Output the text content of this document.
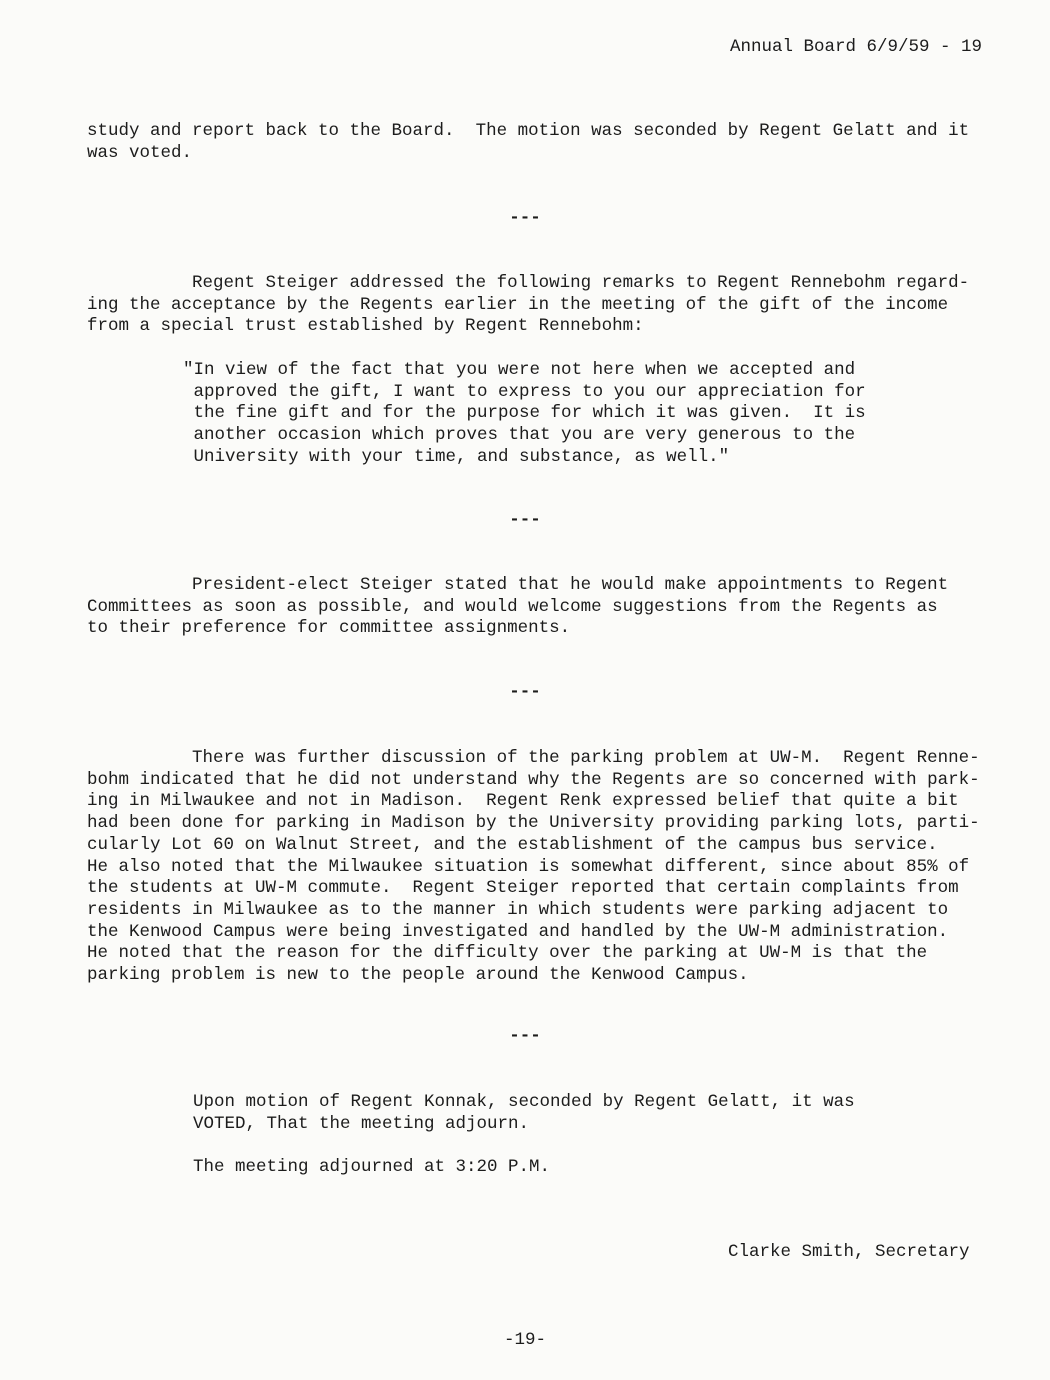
Annual Board 6/9/59 - 19

study and report back to the Board.  The motion was seconded by Regent Gelatt and it
was voted.

---

Regent Steiger addressed the following remarks to Regent Rennebohm regard-
ing the acceptance by the Regents earlier in the meeting of the gift of the income
from a special trust established by Regent Rennebohm:

"In view of the fact that you were not here when we accepted and
approved the gift, I want to express to you our appreciation for
the fine gift and for the purpose for which it was given.  It is
another occasion which proves that you are very generous to the
University with your time, and substance, as well."

---

President-elect Steiger stated that he would make appointments to Regent
Committees as soon as possible, and would welcome suggestions from the Regents as
to their preference for committee assignments.

---

There was further discussion of the parking problem at UW-M.  Regent Renne-
bohm indicated that he did not understand why the Regents are so concerned with park-
ing in Milwaukee and not in Madison.  Regent Renk expressed belief that quite a bit
had been done for parking in Madison by the University providing parking lots, parti-
cularly Lot 60 on Walnut Street, and the establishment of the campus bus service.
He also noted that the Milwaukee situation is somewhat different, since about 85% of
the students at UW-M commute.  Regent Steiger reported that certain complaints from
residents in Milwaukee as to the manner in which students were parking adjacent to
the Kenwood Campus were being investigated and handled by the UW-M administration.
He noted that the reason for the difficulty over the parking at UW-M is that the
parking problem is new to the people around the Kenwood Campus.

---

Upon motion of Regent Konnak, seconded by Regent Gelatt, it was
VOTED, That the meeting adjourn.

The meeting adjourned at 3:20 P.M.

Clarke Smith, Secretary

-19-
